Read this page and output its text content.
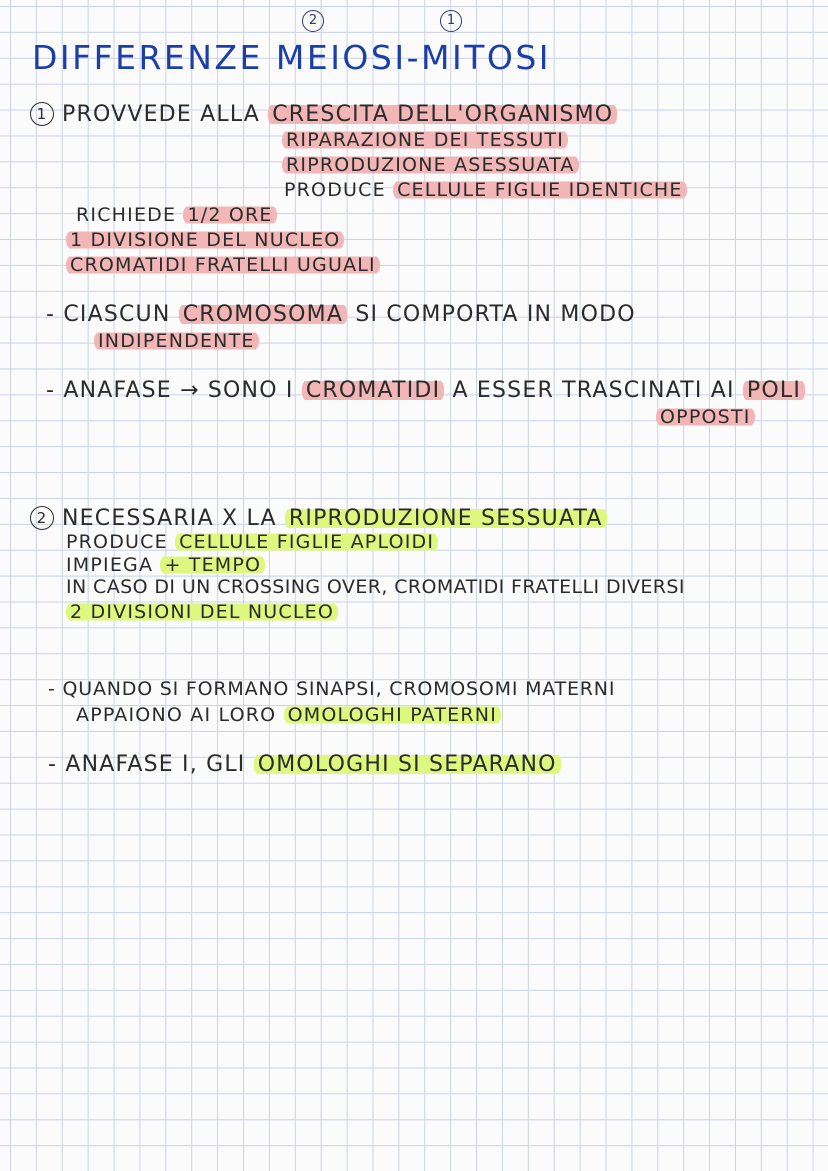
2	1
DIFFERENZE MEIOSI-MITOSI
1 PROVVEDE ALLA CRESCITA DELL'ORGANISMO
RIPARAZIONE DEI TESSUTI
RIPRODUZIONE ASESSUATA
PRODUCE CELLULE FIGLIE IDENTICHE
RICHIEDE 1/2 ORE
1 DIVISIONE DEL NUCLEO
CROMATIDI FRATELLI UGUALI
- CIASCUN CROMOSOMA SI COMPORTA IN MODO
INDIPENDENTE
- ANAFASE → SONO I CROMATIDI A ESSER TRASCINATI AI POLI
OPPOSTI
2 NECESSARIA X LA RIPRODUZIONE SESSUATA
PRODUCE CELLULE FIGLIE APLOIDI
IMPIEGA + TEMPO
IN CASO DI UN CROSSING OVER, CROMATIDI FRATELLI DIVERSI
2 DIVISIONI DEL NUCLEO
- QUANDO SI FORMANO SINAPSI, CROMOSOMI MATERNI
APPAIONO AI LORO OMOLOGHI PATERNI
- ANAFASE I, GLI OMOLOGHI SI SEPARANO
